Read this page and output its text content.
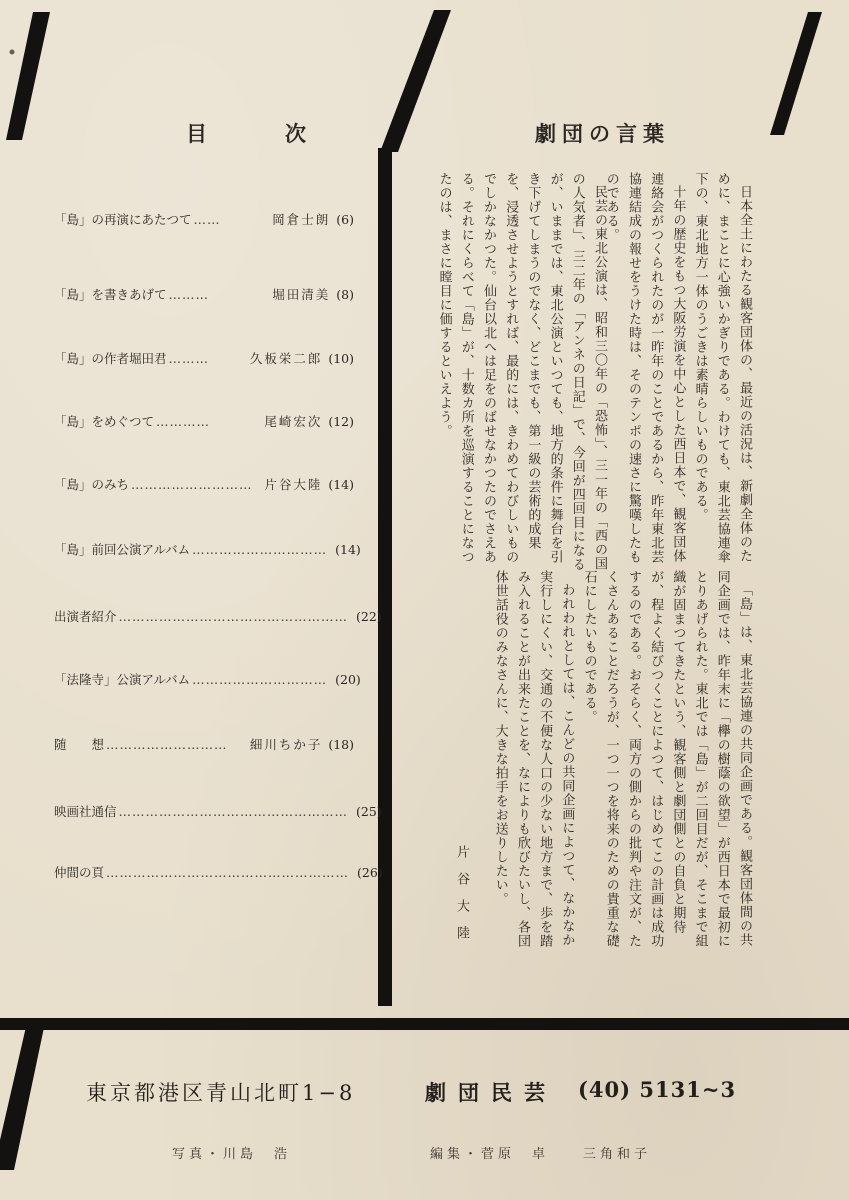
目	次
「島」の再演にあたつて ……	岡倉士朗 (6)
「島」を書きあげて ………	堀田清美 (8)
「島」の作者堀田君 ………	久板栄二郎 (10)
「島」をめぐつて …………	尾崎宏次 (12)
「島」のみち ……………………… 片谷大陸 (14)
「島」前回公演アルバム ………………………… (14)
出演者紹介 …………………………………………… (22)
「法隆寺」公演アルバム ………………………… (20)
随　　想 ………………………	細川ちか子 (18)
映画社通信 …………………………………………… (25)
仲間の頁 ……………………………………………… (26)
劇団の言葉

日本全土にわたる観客団体の、最近の活況は、新劇全体のために、まことに心強いかぎりである。わけても、東北芸協連傘下の、東北地方一体のうごきは素晴らしいものである。

十年の歴史をもつ大阪労演を中心とした西日本で、観客団体連絡会がつくられたのが一昨年のことであるから、昨年東北芸協連結成の報せをうけた時は、そのテンポの速さに驚嘆したものである。

民芸の東北公演は、昭和三〇年の「恐怖」、三一年の「西の国の人気者」、三二年の「アンネの日記」で、今回が四回目になるが、いままでは、東北公演といつても、地方的条件に舞台を引き下げてしまうのでなく、どこまでも、第一級の芸術的成果を、浸透させようとすれば、最的には、きわめてわびしいものでしかなかつた。仙台以北へは足をのばせなかつたのでさえある。それにくらべて「島」が、十数カ所を巡演することになつたのは、まさに瞠目に価するといえよう。

「島」は、東北芸協連の共同企画である。観客団体間の共同企画では、昨年末に「欅の樹蔭の欲望」が西日本で最初にとりあげられた。東北では「島」が二回目だが、そこまで組織が固まつてきたという、観客側と劇団側との自負と期待が、程よく結びつくことによつて、はじめてこの計画は成功するのである。おそらく、両方の側からの批判や注文が、たくさんあることだろうが、一つ一つを将来のための貴重な礎石にしたいものである。

われわれとしては、こんどの共同企画によつて、なかなか実行しにくい、交通の不便な人口の少ない地方まで、歩を踏み入れることが出来たことを、なによりも欣びたいし、各団体世話役のみなさんに、大きな拍手をお送りしたい。

片谷大陸
東京都港区青山北町1−8	劇団民芸 (40) 5131~3
写真・川島　浩	編集・菅原　卓　　三角和子
